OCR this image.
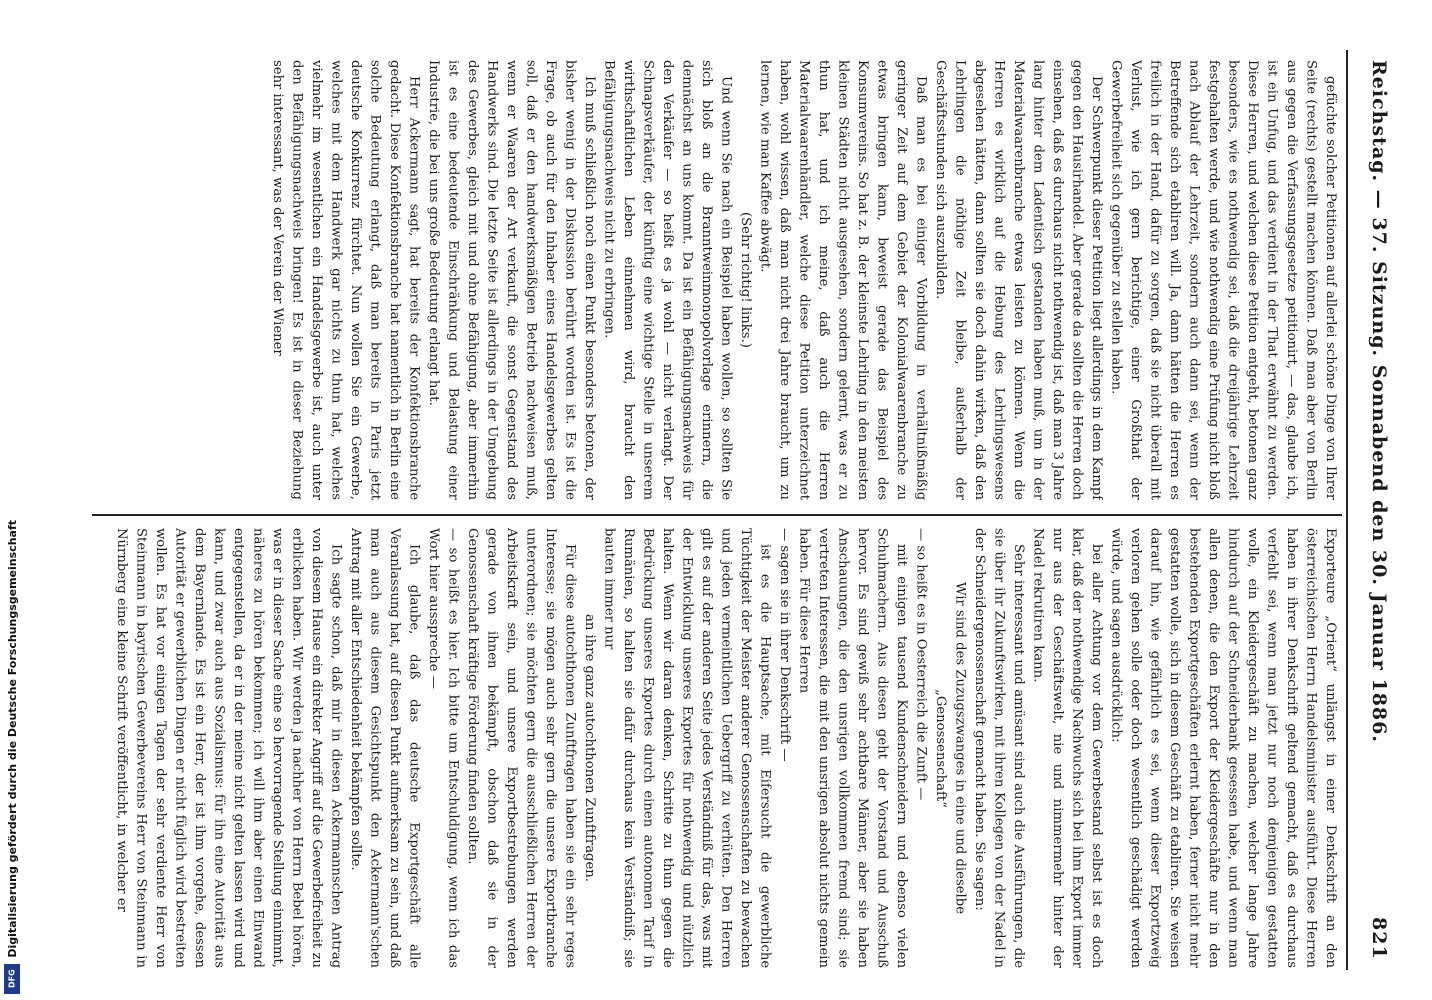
Reichstag. — 37. Sitzung. Sonnabend den 30. Januar 1886.
821

gefüchte solcher Petitionen auf allerlei schöne Dinge von Ihrer Seite (rechts) gestellt machen können. Daß man aber von Berlin aus gegen die Verfassungsgesetze petitionirt, — das, glaube ich, ist ein Unfug, und das verdient in der That erwähnt zu werden. Diese Herren, und welchen diese Petition entgeht, betonen ganz besonders, wie es nothwendig sei, daß die dreijährige Lehrzeit festgehalten werde, und wie nothwendig eine Prüfung nicht bloß nach Ablauf der Lehrzeit, sondern auch dann sei, wenn der Betreffende sich etabliren will. Ja, dann hätten die Herren es freilich in der Hand, dafür zu sorgen, daß sie nicht überall mit Verlust, wie ich gern berichtige, einer Großthat der Gewerbefreiheit sich gegenüber zu stellen haben.

Der Schwerpunkt dieser Petition liegt allerdings in dem Kampf gegen den Hausirhandel. Aber gerade da sollten die Herren doch einsehen, daß es durchaus nicht nothwendig ist, daß man 3 Jahre lang hinter dem Ladentisch gestanden haben muß, um in der Materialwaarenbranche etwas leisten zu können. Wenn die Herren es wirklich auf die Hebung des Lehrlingswesens abgesehen hätten, dann sollten sie doch dahin wirken, daß den Lehrlingen die nöthige Zeit bleibe, außerhalb der Geschäftsstunden sich auszubilden.

Daß man es bei einiger Vorbildung in verhältnißmäßig geringer Zeit auf dem Gebiet der Kolonialwaarenbranche zu etwas bringen kann, beweist gerade das Beispiel des Konsumvereins. So hat z. B. der kleinste Lehrling in den meisten kleinen Städten nicht ausgesehen, sondern gelernt, was er zu thun hat, und ich meine, daß auch die Herren Materialwaarenhändler, welche diese Petition unterzeichnet haben, wohl wissen, daß man nicht drei Jahre braucht, um zu lernen, wie man Kaffee abwägt.

(Sehr richtig! links.)

Und wenn Sie nach ein Beispiel haben wollen, so sollten Sie sich bloß an die Branntweinmonopolvorlage erinnern, die demnächst an uns kommt. Da ist ein Befähigungsnachweis für den Verkäufer — so heißt es ja wohl — nicht verlangt. Der Schnapsverkäufer, der künftig eine wichtige Stelle in unserem wirthschaftlichen Leben einnehmen wird, braucht den Befähigungsnachweis nicht zu erbringen.

Ich muß schließlich noch einen Punkt besonders betonen, der bisher wenig in der Diskussion berührt worden ist. Es ist die Frage, ob auch für den Inhaber eines Handelsgewerbes gelten soll, daß er den handwerksmäßigen Betrieb nachweisen muß, wenn er Waaren der Art verkauft, die sonst Gegenstand des Handwerks sind. Die letzte Seite ist allerdings in der Umgebung des Gewerbes, gleich mit und ohne Befähigung, aber immerhin ist es eine bedeutende Einschränkung und Belastung einer Industrie, die bei uns große Bedeutung erlangt hat.

Herr Ackermann sagt, hat bereits der Konfektionsbranche gedacht. Diese Konfektionsbranche hat namentlich in Berlin eine solche Bedeutung erlangt, daß man bereits in Paris jetzt deutsche Konkurrenz fürchtet. Nun wollen Sie ein Gewerbe, welches mit dem Handwerk gar nichts zu thun hat, welches vielmehr im wesentlichen ein Handelsgewerbe ist, auch unter den Befähigungsnachweis bringen! Es ist in dieser Beziehung sehr interessant, was der Verein der Wiener

Exporteure „Orient“ unlängst in einer Denkschrift an den österreichischen Herrn Handelsminister ausführt. Diese Herren haben in ihrer Denkschrift geltend gemacht, daß es durchaus verfehlt sei, wenn man jetzt nur noch demjenigen gestatten wolle, ein Kleidergeschäft zu machen, welcher lange Jahre hindurch auf der Schneiderbank gesessen habe, und wenn man allen denen, die den Export der Kleidergeschäfte nur in den bestehenden Exportgeschäften erlernt haben, ferner nicht mehr gestatten wolle, sich in diesem Geschäft zu etabliren. Sie weisen darauf hin, wie gefährlich es sei, wenn dieser Exportzweig verloren gehen solle oder doch wesentlich geschädigt werden würde, und sagen ausdrücklich:

bei aller Achtung vor dem Gewerbestand selbst ist es doch klar, daß der nothwendige Nachwuchs sich bei ihm Export immer nur aus der Geschäftswelt, nie und nimmermehr hinter der Nadel rekrutiren kann.

Sehr interessant und amüsant sind auch die Ausführungen, die sie über ihr Zukunftswirken, mit ihren Kollegen von der Nadel in der Schneidergenossenschaft gemacht haben. Sie sagen:

Wir sind des Zuzugszwanges in eine und dieselbe „Genossenschaft“

— so heißt es in Oesterreich die Zunft —

mit einigen tausend Kundenschneidern und ebenso vielen Schuhmachern. Aus diesen geht der Vorstand und Ausschuß hervor. Es sind gewiß sehr achtbare Männer, aber sie haben Anschauungen, die den unsrigen vollkommen fremd sind; sie vertreten Interessen, die mit den unsrigen absolut nichts gemein haben. Für diese Herren

— sagen sie in ihrer Denkschrift —

ist es die Hauptsache, mit Eifersucht die gewerbliche Tüchtigkeit der Meister anderer Genossenschaften zu bewachen und jeden vermeintlichen Uebergriff zu verhüten. Den Herren gilt es auf der anderen Seite jedes Verständniß für das, was mit der Entwicklung unseres Exportes für nothwendig und nützlich halten. Wenn wir daran denken, Schritte zu thun gegen die Bedrückung unseres Exportes durch einen autonomen Tarif in Rumänien, so halten sie dafür durchaus kein Verständniß; sie bauten immer nur

an ihre ganz autochthonen Zunftfragen.

Für diese autochthonen Zunftfragen haben sie ein sehr reges Interesse; sie mögen auch sehr gern die unsere Exportbranche unterordnen; sie möchten gern die ausschließlichen Herren der Arbeitskraft sein, und unsere Exportbestrebungen werden gerade von ihnen bekämpft, obschon daß sie in der Genossenschaft kräftige Förderung finden sollten.

— so heißt es hier. Ich bitte um Entschuldigung, wenn ich das Wort hier ausspreche —

Ich glaube, daß das deutsche Exportgeschäft alle Veranlassung hat, auf diesen Punkt aufmerksam zu sein, und daß man auch aus diesem Gesichtspunkt den Ackermann'schen Antrag mit aller Entschiedenheit bekämpfen sollte.

Ich sagte schon, daß mir in diesen Ackermannschen Antrag von diesem Hause ein direkter Angriff auf die Gewerbefreiheit zu erblicken haben. Wir werden ja nachher von Herrn Bebel hören, was er in dieser Sache eine so hervorragende Stellung einnimmt, näheres zu hören bekommen; ich will ihm aber einen Einwand entgegenstellen, da er in der meine nicht gelten lassen wird und kann, und zwar auch aus Sozialismus: für ihn eine Autorität aus dem Bayernlande. Es ist ein Herr, der ist ihm vorgehe, dessen Autorität er gewerblichen Dingen er nicht füglich wird bestreiten wollen. Es hat vor einigen Tagen der sehr verdiente Herr von Steinmann in bayrischen Gewerbevereins Herr von Steinmann in Nürnberg eine kleine Schrift veröffentlicht, in welcher er

Digitalisierung gefördert durch die Deutsche Forschungsgemeinschaft
DFG
